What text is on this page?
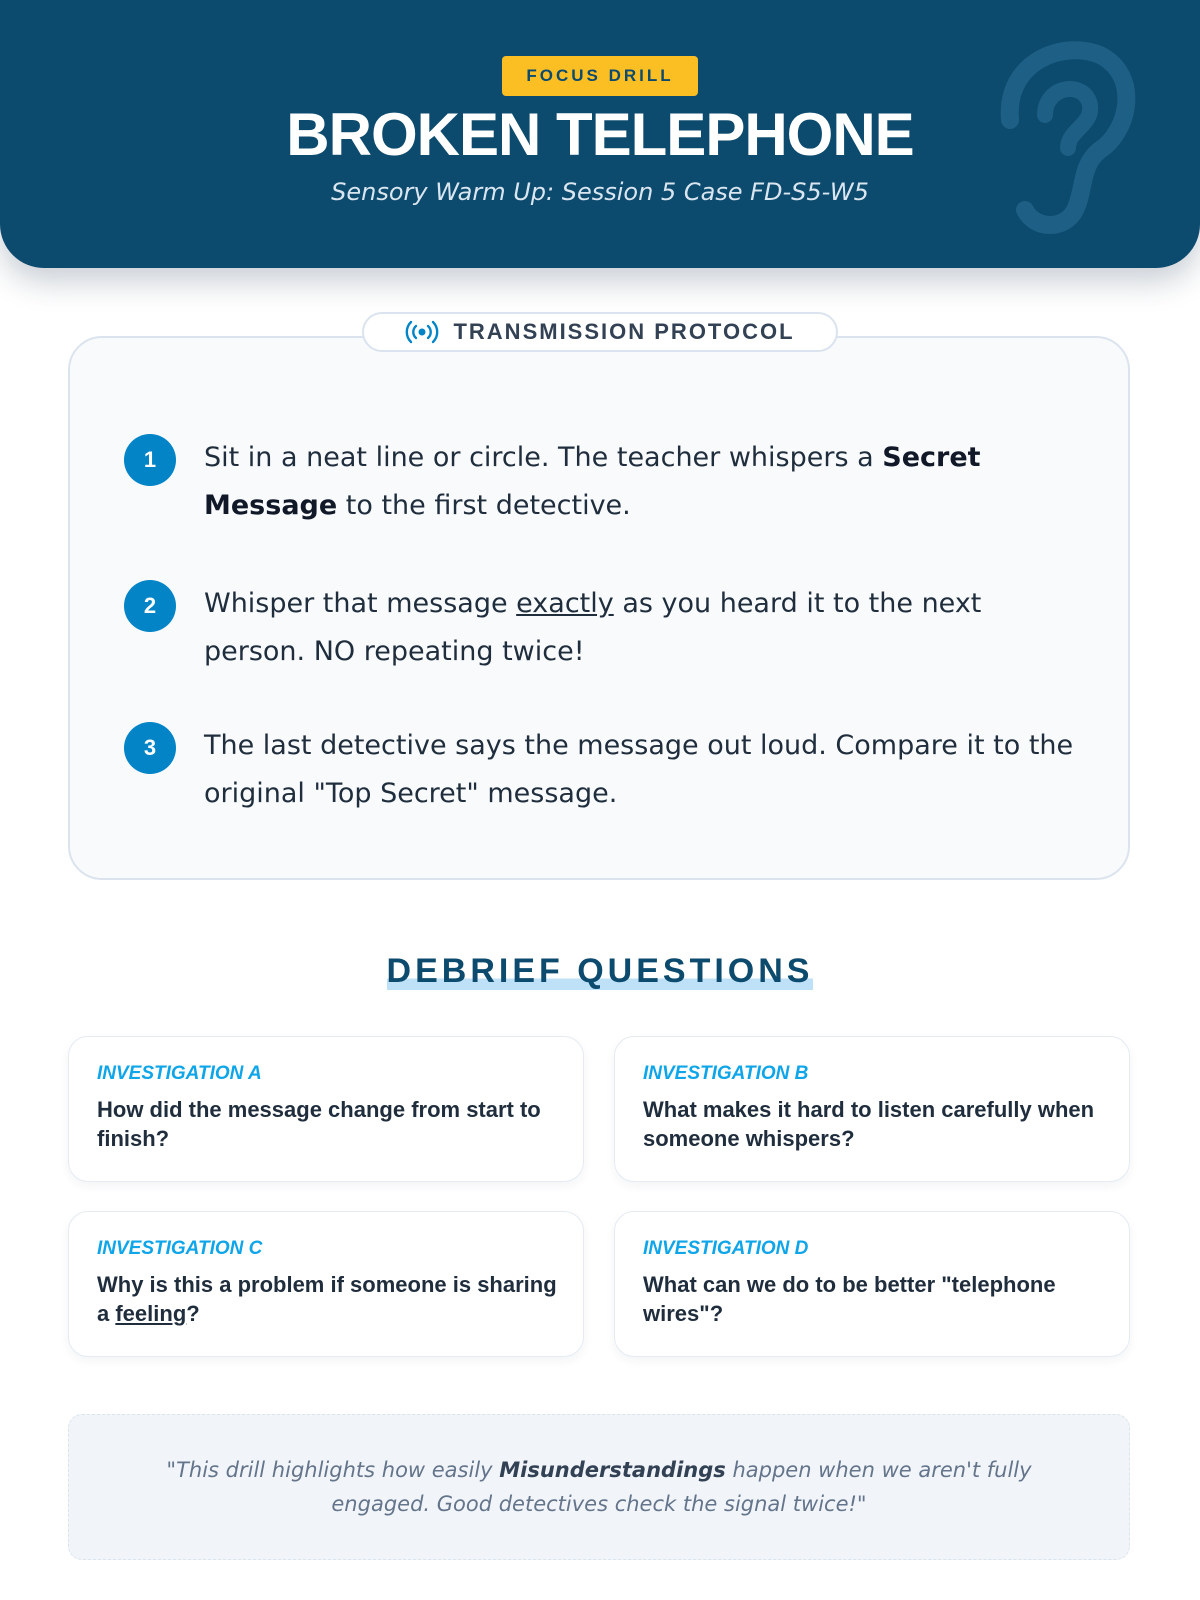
FOCUS DRILL
BROKEN TELEPHONE
Sensory Warm Up: Session 5 Case FD-S5-W5
TRANSMISSION PROTOCOL
1	Sit in a neat line or circle. The teacher whispers a Secret Message to the first detective.
2	Whisper that message exactly as you heard it to the next person. NO repeating twice!
3	The last detective says the message out loud. Compare it to the original "Top Secret" message.
DEBRIEF QUESTIONS
INVESTIGATION A
How did the message change from start to finish?
INVESTIGATION B
What makes it hard to listen carefully when someone whispers?
INVESTIGATION C
Why is this a problem if someone is sharing a feeling?
INVESTIGATION D
What can we do to be better "telephone wires"?
"This drill highlights how easily Misunderstandings happen when we aren't fully engaged. Good detectives check the signal twice!"
